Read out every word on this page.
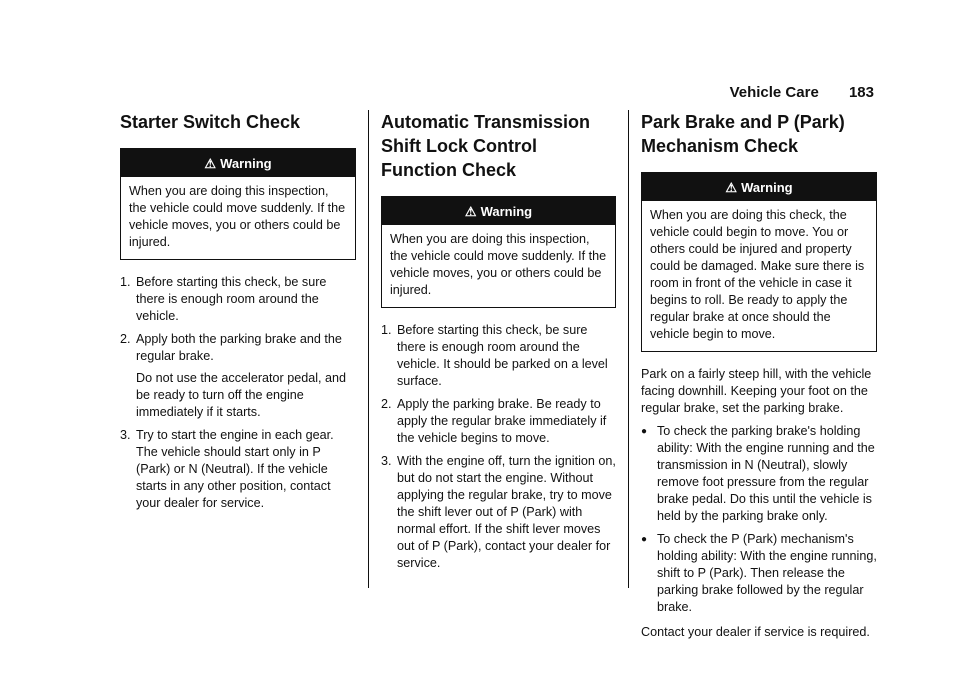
Vehicle Care 183
Starter Switch Check
⚠ Warning
When you are doing this inspection, the vehicle could move suddenly. If the vehicle moves, you or others could be injured.
1. Before starting this check, be sure there is enough room around the vehicle.
2. Apply both the parking brake and the regular brake.
Do not use the accelerator pedal, and be ready to turn off the engine immediately if it starts.
3. Try to start the engine in each gear. The vehicle should start only in P (Park) or N (Neutral). If the vehicle starts in any other position, contact your dealer for service.
Automatic Transmission Shift Lock Control Function Check
⚠ Warning
When you are doing this inspection, the vehicle could move suddenly. If the vehicle moves, you or others could be injured.
1. Before starting this check, be sure there is enough room around the vehicle. It should be parked on a level surface.
2. Apply the parking brake. Be ready to apply the regular brake immediately if the vehicle begins to move.
3. With the engine off, turn the ignition on, but do not start the engine. Without applying the regular brake, try to move the shift lever out of P (Park) with normal effort. If the shift lever moves out of P (Park), contact your dealer for service.
Park Brake and P (Park) Mechanism Check
⚠ Warning
When you are doing this check, the vehicle could begin to move. You or others could be injured and property could be damaged. Make sure there is room in front of the vehicle in case it begins to roll. Be ready to apply the regular brake at once should the vehicle begin to move.

Park on a fairly steep hill, with the vehicle facing downhill. Keeping your foot on the regular brake, set the parking brake.

● To check the parking brake's holding ability: With the engine running and the transmission in N (Neutral), slowly remove foot pressure from the regular brake pedal. Do this until the vehicle is held by the parking brake only.
● To check the P (Park) mechanism's holding ability: With the engine running, shift to P (Park). Then release the parking brake followed by the regular brake.

Contact your dealer if service is required.
